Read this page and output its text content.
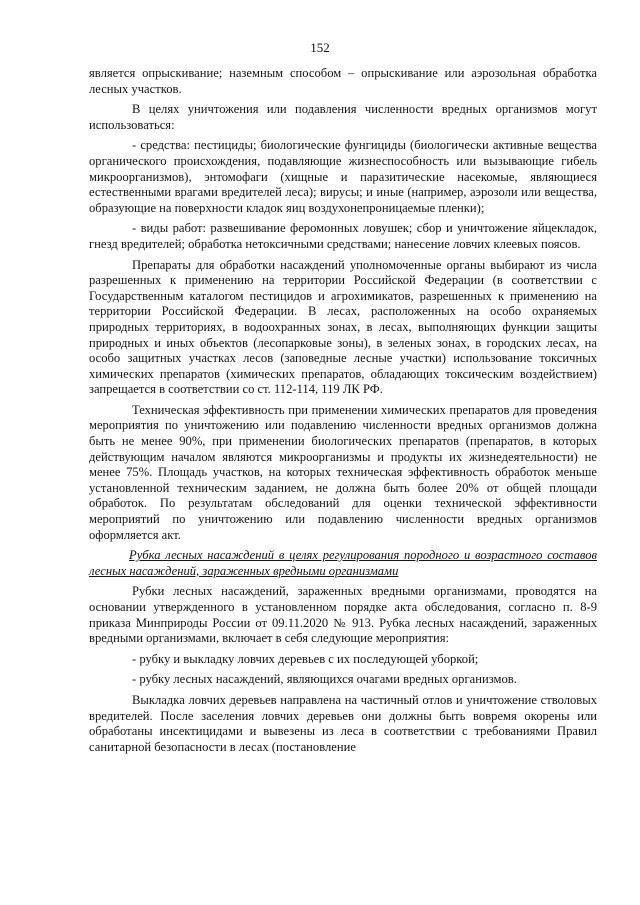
152

является опрыскивание; наземным способом – опрыскивание или аэрозольная обработка лесных участков.

В целях уничтожения или подавления численности вредных организмов могут использоваться:

- средства: пестициды; биологические фунгициды (биологически активные вещества органического происхождения, подавляющие жизнеспособность или вызывающие гибель микроорганизмов), энтомофаги (хищные и паразитические насекомые, являющиеся естественными врагами вредителей леса); вирусы; и иные (например, аэрозоли или вещества, образующие на поверхности кладок яиц воздухонепроницаемые пленки);

- виды работ: развешивание феромонных ловушек; сбор и уничтожение яйцекладок, гнезд вредителей; обработка нетоксичными средствами; нанесение ловчих клеевых поясов.

Препараты для обработки насаждений уполномоченные органы выбирают из числа разрешенных к применению на территории Российской Федерации (в соответствии с Государственным каталогом пестицидов и агрохимикатов, разрешенных к применению на территории Российской Федерации. В лесах, расположенных на особо охраняемых природных территориях, в водоохранных зонах, в лесах, выполняющих функции защиты природных и иных объектов (лесопарковые зоны), в зеленых зонах, в городских лесах, на особо защитных участках лесов (заповедные лесные участки) использование токсичных химических препаратов (химических препаратов, обладающих токсическим воздействием) запрещается в соответствии со ст. 112-114, 119 ЛК РФ.

Техническая эффективность при применении химических препаратов для проведения мероприятия по уничтожению или подавлению численности вредных организмов должна быть не менее 90%, при применении биологических препаратов (препаратов, в которых действующим началом являются микроорганизмы и продукты их жизнедеятельности) не менее 75%. Площадь участков, на которых техническая эффективность обработок меньше установленной техническим заданием, не должна быть более 20% от общей площади обработок. По результатам обследований для оценки технической эффективности мероприятий по уничтожению или подавлению численности вредных организмов оформляется акт.

Рубка лесных насаждений в целях регулирования породного и возрастного составов лесных насаждений, зараженных вредными организмами

Рубки лесных насаждений, зараженных вредными организмами, проводятся на основании утвержденного в установленном порядке акта обследования, согласно п. 8-9 приказа Минприроды России от 09.11.2020 № 913. Рубка лесных насаждений, зараженных вредными организмами, включает в себя следующие мероприятия:

- рубку и выкладку ловчих деревьев с их последующей уборкой;

- рубку лесных насаждений, являющихся очагами вредных организмов.

Выкладка ловчих деревьев направлена на частичный отлов и уничтожение стволовых вредителей. После заселения ловчих деревьев они должны быть вовремя окорены или обработаны инсектицидами и вывезены из леса в соответствии с требованиями Правил санитарной безопасности в лесах (постановление
